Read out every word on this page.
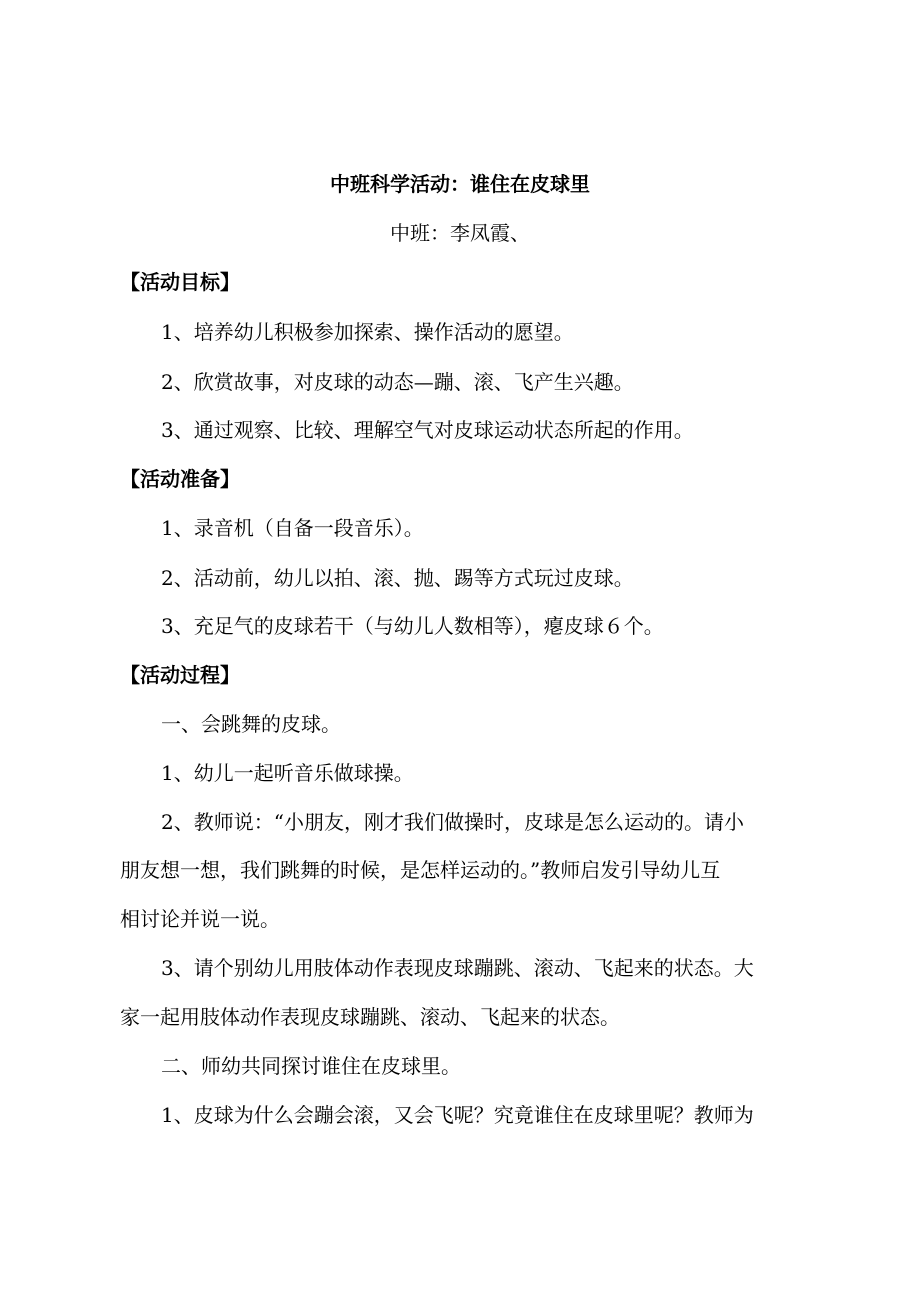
中班科学活动：谁住在皮球里
中班：李凤霞、
【活动目标】
1、培养幼儿积极参加探索、操作活动的愿望。
2、欣赏故事，对皮球的动态—蹦、滚、飞产生兴趣。
3、通过观察、比较、理解空气对皮球运动状态所起的作用。
【活动准备】
1、录音机（自备一段音乐）。
2、活动前，幼儿以拍、滚、抛、踢等方式玩过皮球。
3、充足气的皮球若干（与幼儿人数相等），瘪皮球６个。
【活动过程】
一、会跳舞的皮球。
1、幼儿一起听音乐做球操。
2、教师说：“小朋友，刚才我们做操时，皮球是怎么运动的。请小
朋友想一想，我们跳舞的时候，是怎样运动的。”教师启发引导幼儿互
相讨论并说一说。
3、请个别幼儿用肢体动作表现皮球蹦跳、滚动、飞起来的状态。大
家一起用肢体动作表现皮球蹦跳、滚动、飞起来的状态。
二、师幼共同探讨谁住在皮球里。
1、皮球为什么会蹦会滚，又会飞呢？究竟谁住在皮球里呢？教师为
